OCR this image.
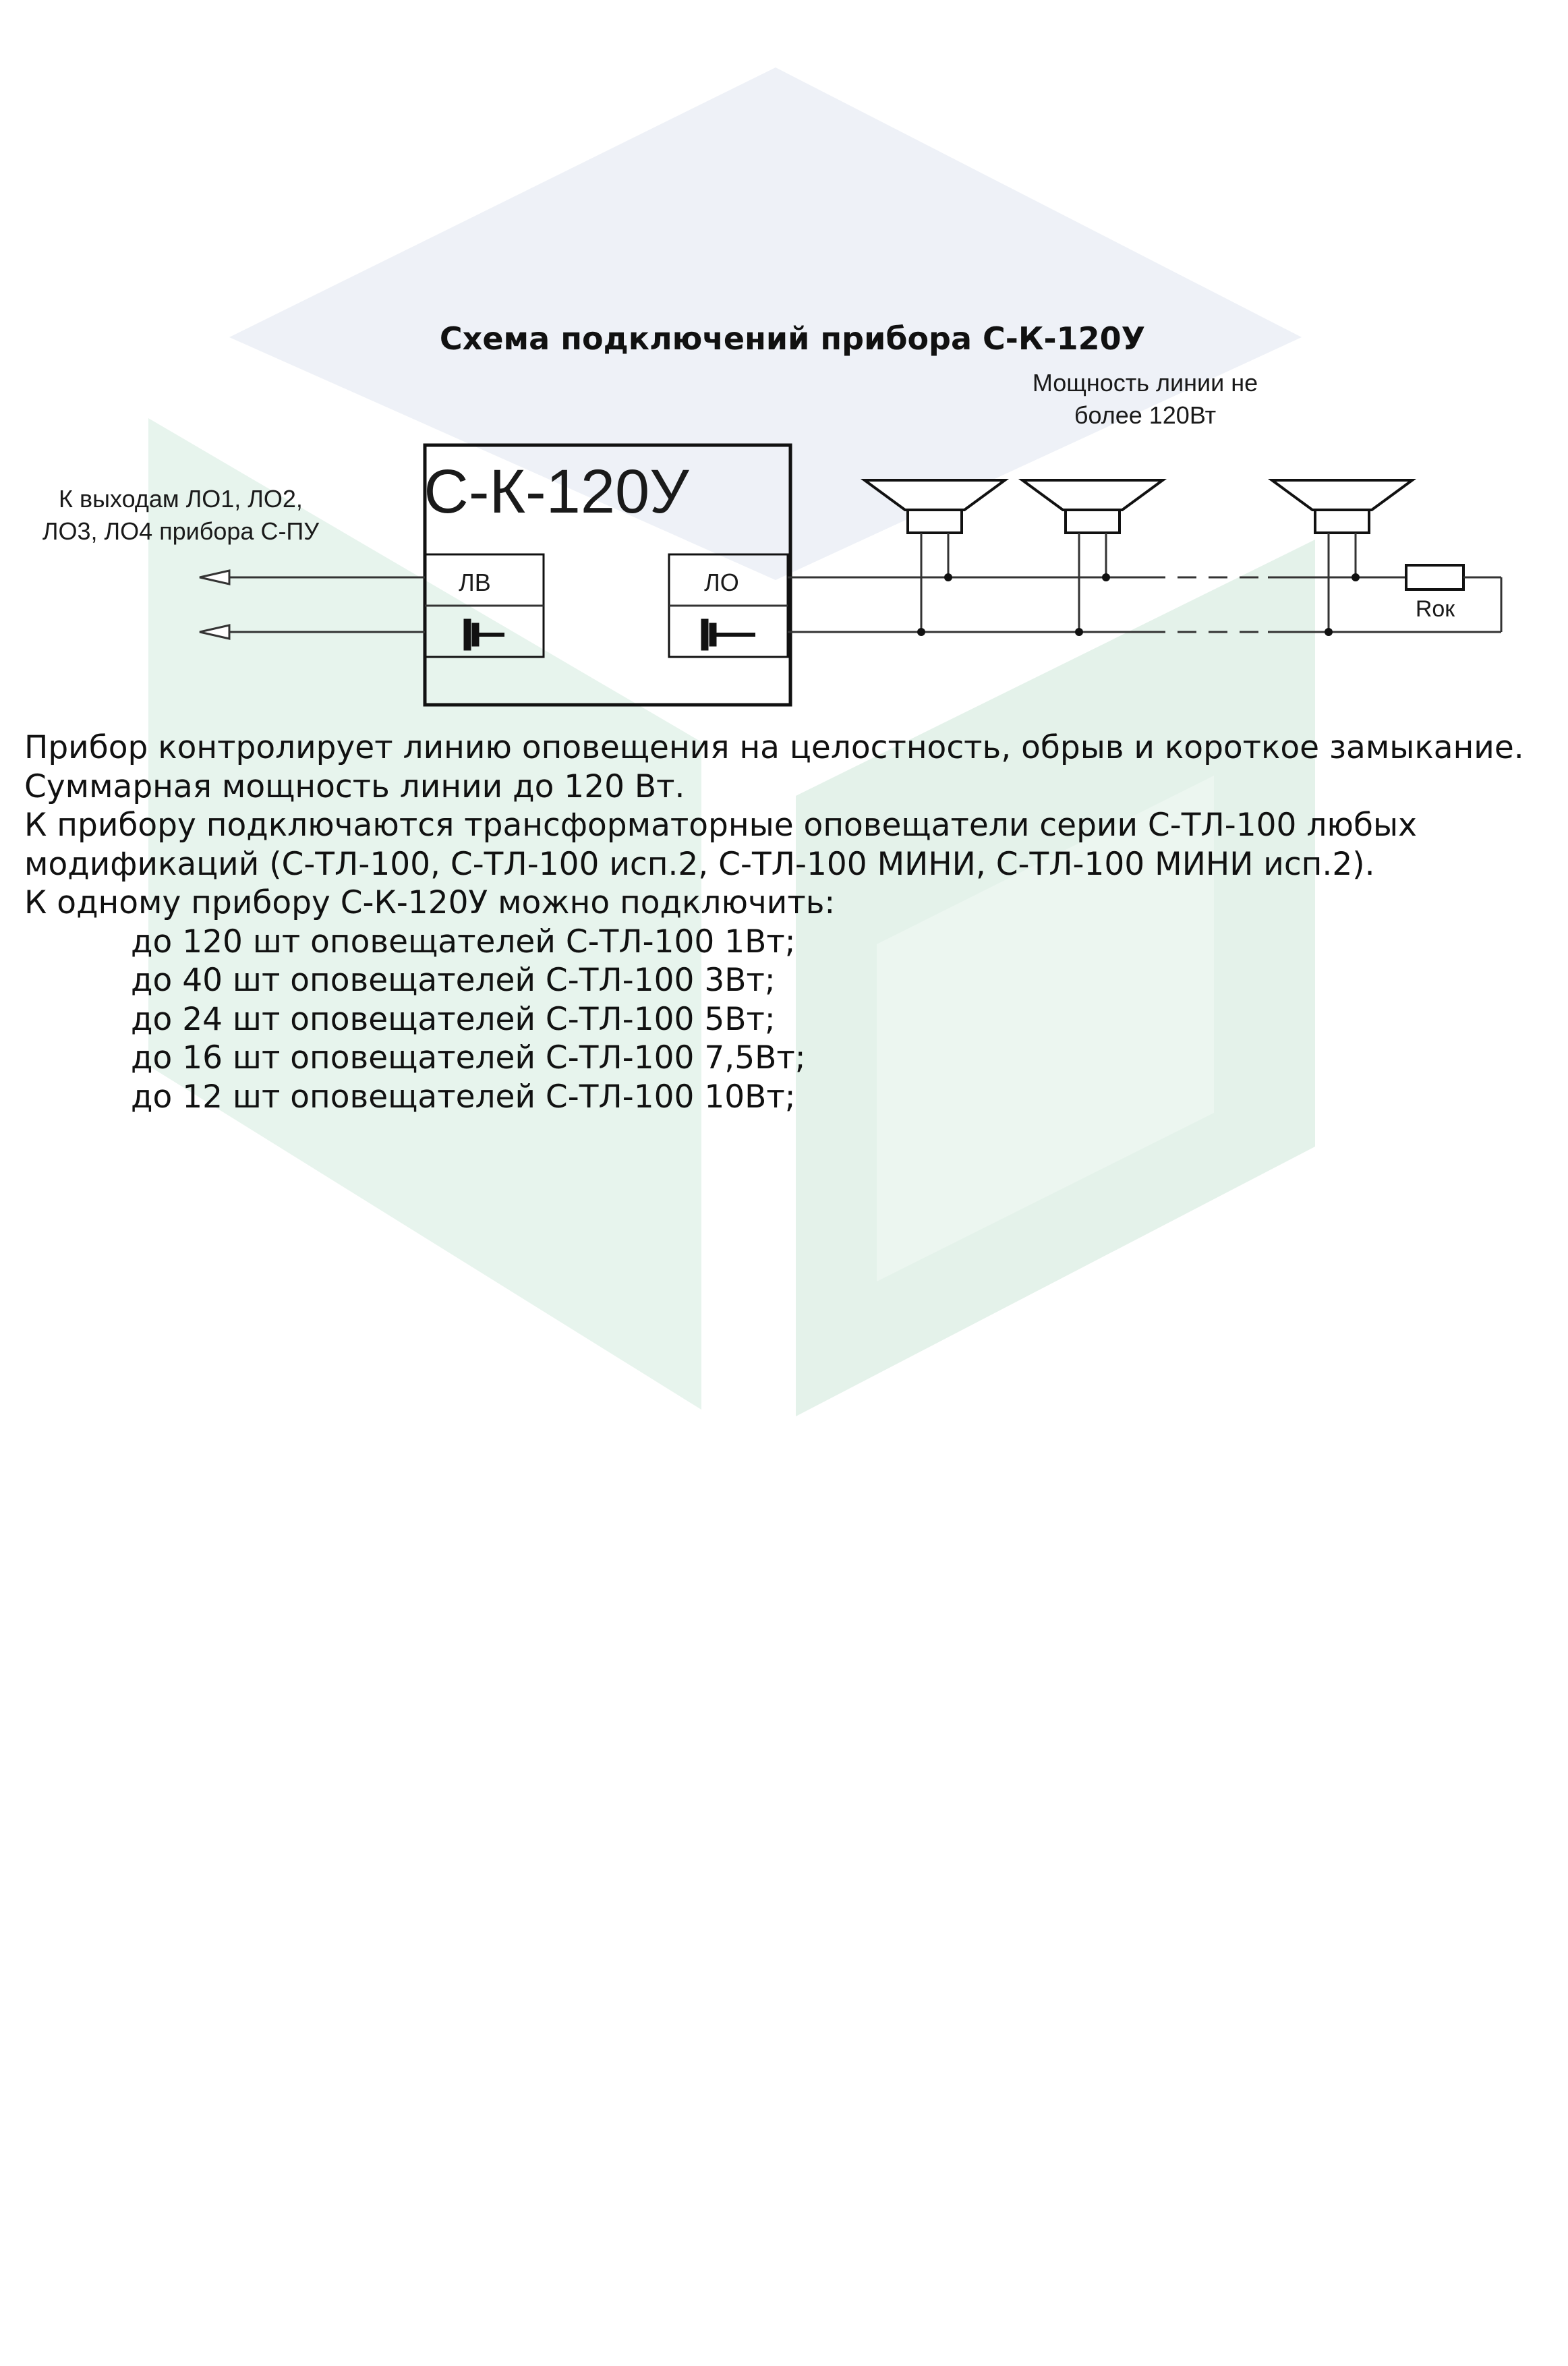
Схема подключений прибора С-К-120У
Мощность линии не
более 120Вт
К выходам ЛО1, ЛО2,
ЛО3, ЛО4 прибора С-ПУ
С-К-120У
ЛВ	ЛО
Rок

Прибор контролирует линию оповещения на целостность, обрыв и короткое замыкание.

Суммарная мощность линии до 120 Вт.

К прибору подключаются трансформаторные оповещатели серии С-ТЛ-100 любых модификаций (С-ТЛ-100, С-ТЛ-100 исп.2, С-ТЛ-100 МИНИ, С-ТЛ-100 МИНИ исп.2).

К одному прибору С-К-120У можно подключить:

до 120 шт оповещателей С-ТЛ-100 1Вт;

до 40 шт оповещателей С-ТЛ-100 3Вт;

до 24 шт оповещателей С-ТЛ-100 5Вт;

до 16 шт оповещателей С-ТЛ-100 7,5Вт;

до 12 шт оповещателей С-ТЛ-100 10Вт;
